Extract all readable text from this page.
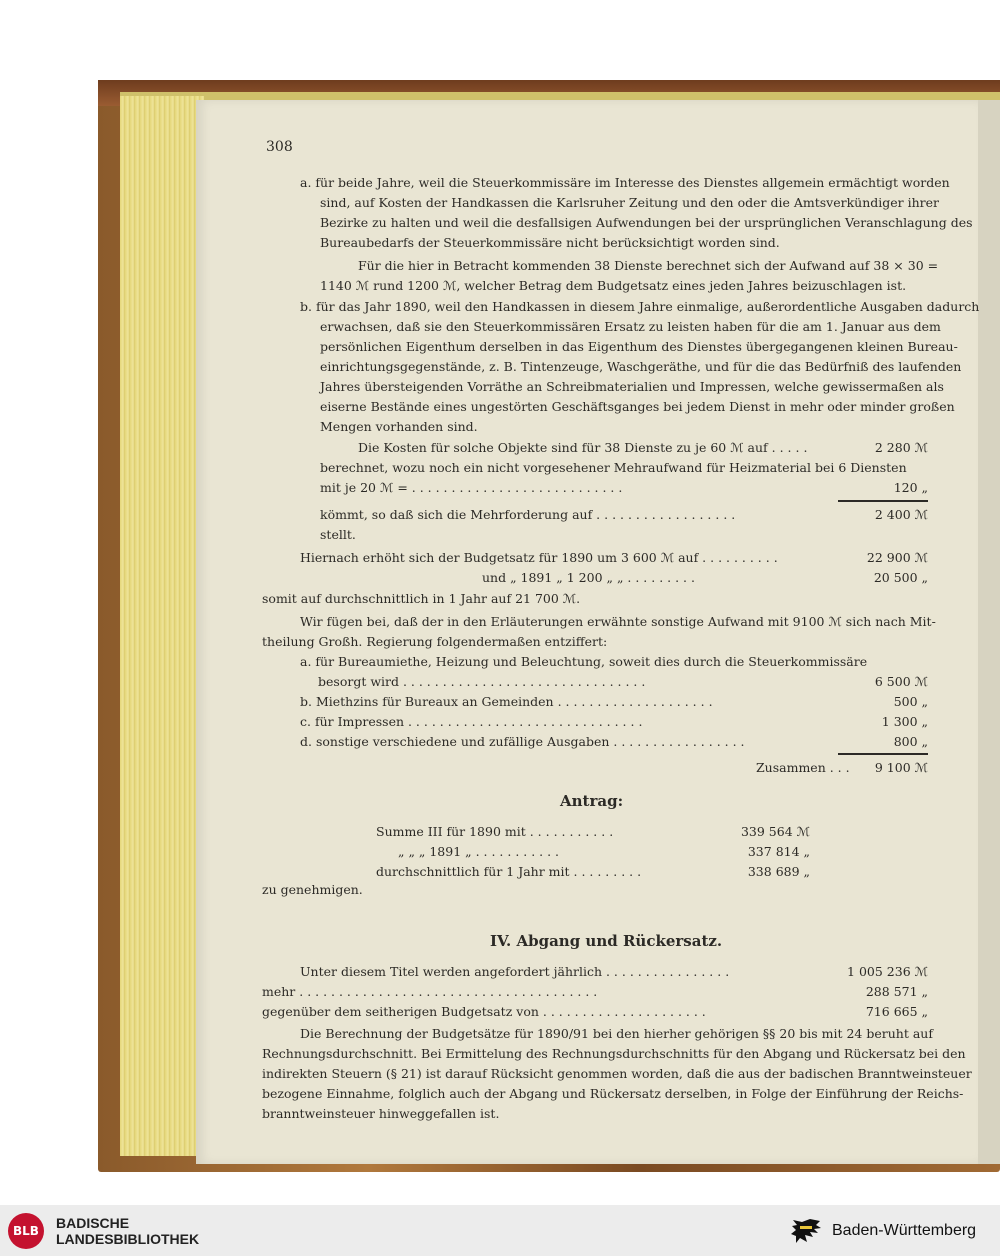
308
a. für beide Jahre, weil die Steuerkommissäre im Interesse des Dienstes allgemein ermächtigt worden
sind, auf Kosten der Handkassen die Karlsruher Zeitung und den oder die Amtsverkündiger ihrer
Bezirke zu halten und weil die desfallsigen Aufwendungen bei der ursprünglichen Veranschlagung des
Bureaubedarfs der Steuerkommissäre nicht berücksichtigt worden sind.
Für die hier in Betracht kommenden 38 Dienste berechnet sich der Aufwand auf 38 × 30 =
1140 ℳ rund 1200 ℳ, welcher Betrag dem Budgetsatz eines jeden Jahres beizuschlagen ist.
b. für das Jahr 1890, weil den Handkassen in diesem Jahre einmalige, außerordentliche Ausgaben dadurch
erwachsen, daß sie den Steuerkommissären Ersatz zu leisten haben für die am 1. Januar aus dem
persönlichen Eigenthum derselben in das Eigenthum des Dienstes übergegangenen kleinen Bureau-
einrichtungsgegenstände, z. B. Tintenzeuge, Waschgeräthe, und für die das Bedürfniß des laufenden
Jahres übersteigenden Vorräthe an Schreibmaterialien und Impressen, welche gewissermaßen als
eiserne Bestände eines ungestörten Geschäftsganges bei jedem Dienst in mehr oder minder großen
Mengen vorhanden sind.
Die Kosten für solche Objekte sind für 38 Dienste zu je 60 ℳ auf . . . . .	2 280 ℳ
berechnet, wozu noch ein nicht vorgesehener Mehraufwand für Heizmaterial bei 6 Diensten
mit je 20 ℳ = . . . . . . . . . . . . . . . . . . . . . . . . . . .	120 „
kömmt, so daß sich die Mehrforderung auf . . . . . . . . . . . . . . . . . .	2 400 ℳ
stellt.
Hiernach erhöht sich der Budgetsatz für 1890 um 3 600 ℳ auf . . . . . . . . . .	22 900 ℳ
und „ 1891 „ 1 200 „ „ . . . . . . . . .	20 500 „
somit auf durchschnittlich in 1 Jahr auf 21 700 ℳ.
Wir fügen bei, daß der in den Erläuterungen erwähnte sonstige Aufwand mit 9100 ℳ sich nach Mit-
theilung Großh. Regierung folgendermaßen entziffert:
a. für Bureaumiethe, Heizung und Beleuchtung, soweit dies durch die Steuerkommissäre
besorgt wird . . . . . . . . . . . . . . . . . . . . . . . . . . . . . . .	6 500 ℳ
b. Miethzins für Bureaux an Gemeinden . . . . . . . . . . . . . . . . . . . .	500 „
c. für Impressen . . . . . . . . . . . . . . . . . . . . . . . . . . . . . .	1 300 „
d. sonstige verschiedene und zufällige Ausgaben . . . . . . . . . . . . . . . . .	800 „
Zusammen . . .	9 100 ℳ
Antrag:
Summe III für 1890 mit . . . . . . . . . . .	339 564 ℳ
„ „ „ 1891 „ . . . . . . . . . . .	337 814 „
durchschnittlich für 1 Jahr mit . . . . . . . . .	338 689 „
zu genehmigen.
IV. Abgang und Rückersatz.
Unter diesem Titel werden angefordert jährlich . . . . . . . . . . . . . . . .	1 005 236 ℳ
mehr . . . . . . . . . . . . . . . . . . . . . . . . . . . . . . . . . . . . . .	288 571 „
gegenüber dem seitherigen Budgetsatz von . . . . . . . . . . . . . . . . . . . . .	716 665 „
Die Berechnung der Budgetsätze für 1890/91 bei den hierher gehörigen §§ 20 bis mit 24 beruht auf
Rechnungsdurchschnitt. Bei Ermittelung des Rechnungsdurchschnitts für den Abgang und Rückersatz bei den
indirekten Steuern (§ 21) ist darauf Rücksicht genommen worden, daß die aus der badischen Branntweinsteuer
bezogene Einnahme, folglich auch der Abgang und Rückersatz derselben, in Folge der Einführung der Reichs-
branntweinsteuer hinweggefallen ist.
BLB	BADISCHE
LANDESBIBLIOTHEK	Baden-Württemberg
